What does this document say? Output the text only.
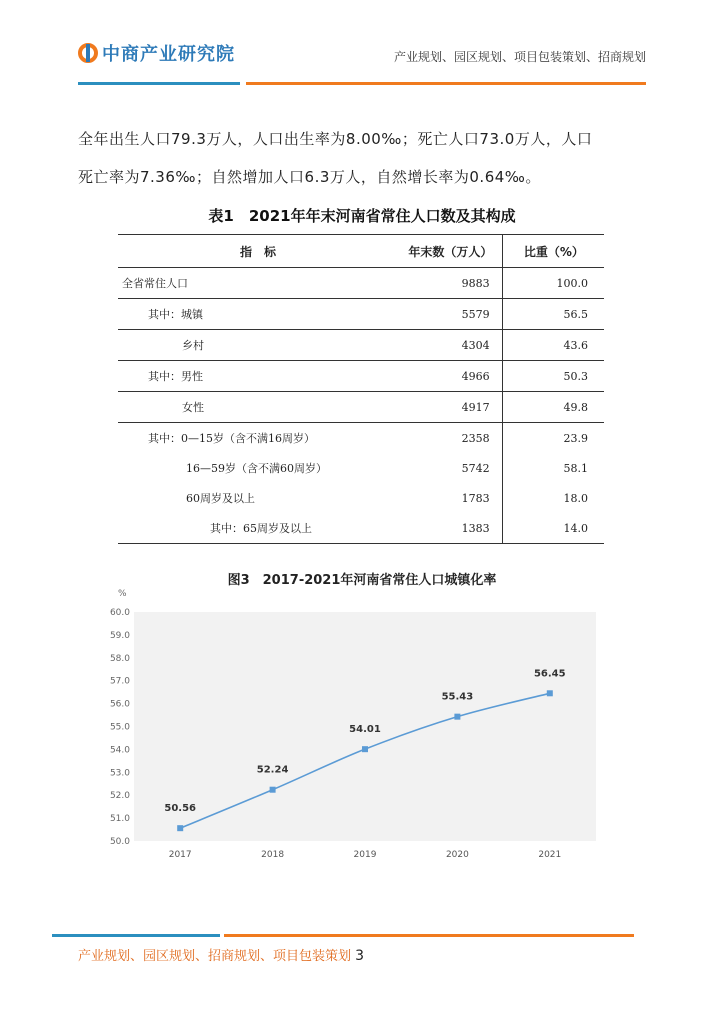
中商产业研究院	产业规划、园区规划、项目包装策划、招商规划
全年出生人口79.3万人，人口出生率为8.00‰；死亡人口73.0万人，人口
死亡率为7.36‰；自然增加人口6.3万人，自然增长率为0.64‰。
表1　2021年年末河南省常住人口数及其构成
指　标	年末数（万人）	比重（%）
全省常住人口	9883	100.0
其中：城镇	5579	56.5
乡村	4304	43.6
其中：男性	4966	50.3
女性	4917	49.8
其中：0—15岁（含不满16周岁）	2358	23.9
16—59岁（含不满60周岁）	5742	58.1
60周岁及以上	1783	18.0
其中：65周岁及以上	1383	14.0
图3　2017-2021年河南省常住人口城镇化率
%
50.0
51.0
52.0
53.0
54.0
55.0
56.0
57.0
58.0
59.0
60.0
2017	2018	2019	2020	2021
50.56
52.24
54.01
55.43
56.45
产业规划、园区规划、招商规划、项目包装策划 3
